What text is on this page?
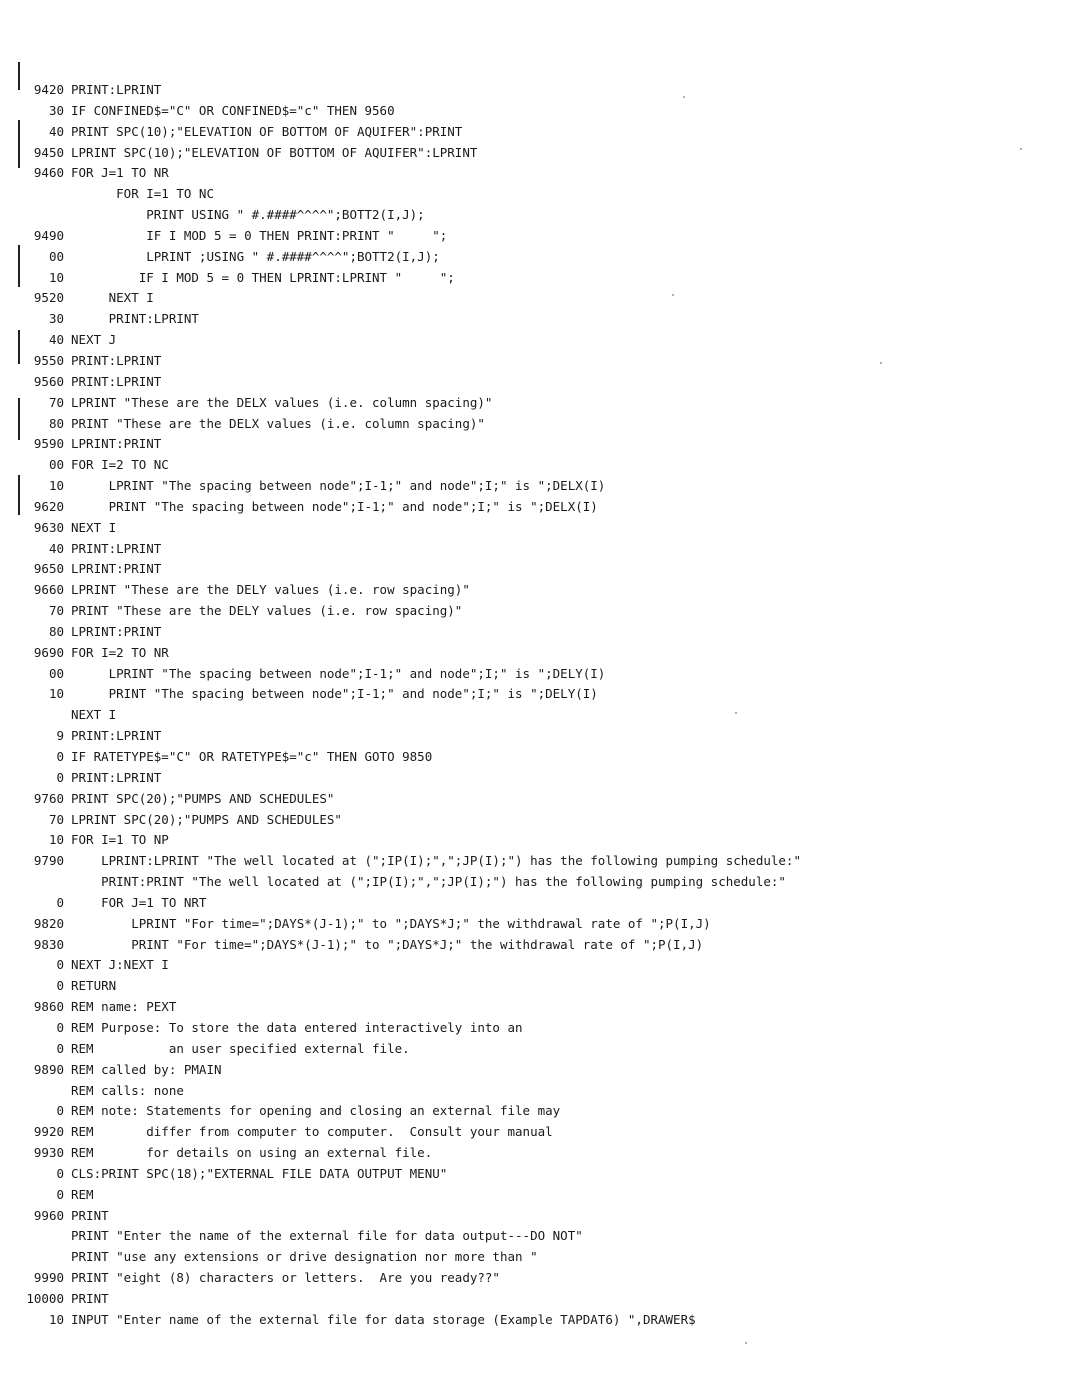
9420 PRINT:LPRINT
30 IF CONFINED$="C" OR CONFINED$="c" THEN 9560
40 PRINT SPC(10);"ELEVATION OF BOTTOM OF AQUIFER":PRINT
9450 LPRINT SPC(10);"ELEVATION OF BOTTOM OF AQUIFER":LPRINT
9460 FOR J=1 TO NR
FOR I=1 TO NC
PRINT USING " #.####^^^^";BOTT2(I,J);
9490 IF I MOD 5 = 0 THEN PRINT:PRINT "     ";
00 LPRINT ;USING " #.####^^^^";BOTT2(I,J);
10 IF I MOD 5 = 0 THEN LPRINT:LPRINT "     ";
9520 NEXT I
30 PRINT:LPRINT
40 NEXT J
9550 PRINT:LPRINT
9560 PRINT:LPRINT
70 LPRINT "These are the DELX values (i.e. column spacing)"
80 PRINT "These are the DELX values (i.e. column spacing)"
9590 LPRINT:PRINT
00 FOR I=2 TO NC
10 LPRINT "The spacing between node";I-1;" and node";I;" is ";DELX(I)
9620 PRINT "The spacing between node";I-1;" and node";I;" is ";DELX(I)
9630 NEXT I
40 PRINT:LPRINT
9650 LPRINT:PRINT
9660 LPRINT "These are the DELY values (i.e. row spacing)"
70 PRINT "These are the DELY values (i.e. row spacing)"
80 LPRINT:PRINT
9690 FOR I=2 TO NR
00 LPRINT "The spacing between node";I-1;" and node";I;" is ";DELY(I)
10 PRINT "The spacing between node";I-1;" and node";I;" is ";DELY(I)
NEXT I
9 PRINT:LPRINT
0 IF RATETYPE$="C" OR RATETYPE$="c" THEN GOTO 9850
0 PRINT:LPRINT
9760 PRINT SPC(20);"PUMPS AND SCHEDULES"
70 LPRINT SPC(20);"PUMPS AND SCHEDULES"
10 FOR I=1 TO NP
9790 LPRINT:LPRINT "The well located at (";IP(I);",";JP(I);") has the following pumping schedule:"
PRINT:PRINT "The well located at (";IP(I);",";JP(I);") has the following pumping schedule:"
0 FOR J=1 TO NRT
9820 LPRINT "For time=";DAYS*(J-1);" to ";DAYS*J;" the withdrawal rate of ";P(I,J)
9830 PRINT "For time=";DAYS*(J-1);" to ";DAYS*J;" the withdrawal rate of ";P(I,J)
0 NEXT J:NEXT I
0 RETURN
9860 REM name: PEXT
0 REM Purpose: To store the data entered interactively into an
0 REM          an user specified external file.
9890 REM called by: PMAIN
REM calls: none
0 REM note: Statements for opening and closing an external file may
9920 REM       differ from computer to computer.  Consult your manual
9930 REM       for details on using an external file.
0 CLS:PRINT SPC(18);"EXTERNAL FILE DATA OUTPUT MENU"
0 REM
9960 PRINT
PRINT "Enter the name of the external file for data output---DO NOT"
PRINT "use any extensions or drive designation nor more than "
9990 PRINT "eight (8) characters or letters.  Are you ready??"
10000 PRINT
10 INPUT "Enter name of the external file for data storage (Example TAPDAT6) ",DRAWER$
